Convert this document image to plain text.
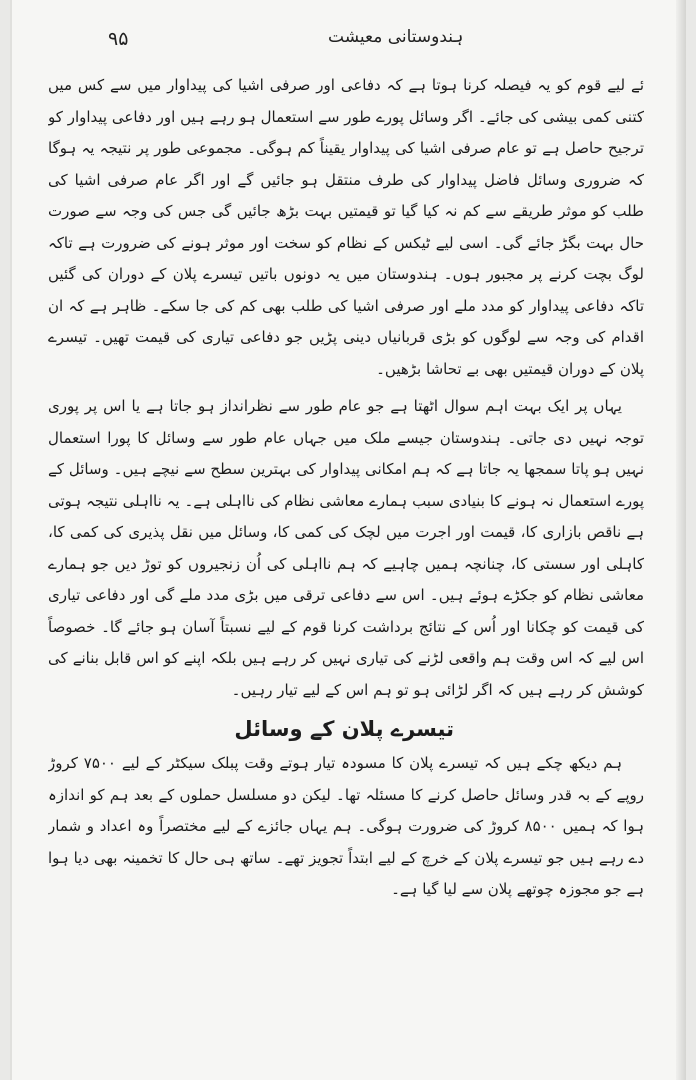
۹۵	ہندوستانی معیشت

ئے لیے قوم کو یہ فیصلہ کرنا ہوتا ہے کہ دفاعی اور صرفی اشیا کی پیداوار میں سے کس میں کتنی کمی بیشی کی جائے۔ اگر وسائل پورے طور سے استعمال ہو رہے ہیں اور دفاعی پیداوار کو ترجیح حاصل ہے تو عام صرفی اشیا کی پیداوار یقیناً کم ہوگی۔ مجموعی طور پر نتیجہ یہ ہوگا کہ ضروری وسائل فاضل پیداوار کی طرف منتقل ہو جائیں گے اور اگر عام صرفی اشیا کی طلب کو موثر طریقے سے کم نہ کیا گیا تو قیمتیں بہت بڑھ جائیں گی جس کی وجہ سے صورت حال بہت بگڑ جائے گی۔ اسی لیے ٹیکس کے نظام کو سخت اور موثر ہونے کی ضرورت ہے تاکہ لوگ بچت کرنے پر مجبور ہوں۔ ہندوستان میں یہ دونوں باتیں تیسرے پلان کے دوران کی گئیں تاکہ دفاعی پیداوار کو مدد ملے اور صرفی اشیا کی طلب بھی کم کی جا سکے۔ ظاہر ہے کہ ان اقدام کی وجہ سے لوگوں کو بڑی قربانیاں دینی پڑیں جو دفاعی تیاری کی قیمت تھیں۔ تیسرے پلان کے دوران قیمتیں بھی بے تحاشا بڑھیں۔

یہاں پر ایک بہت اہم سوال اٹھتا ہے جو عام طور سے نظرانداز ہو جاتا ہے یا اس پر پوری توجہ نہیں دی جاتی۔ ہندوستان جیسے ملک میں جہاں عام طور سے وسائل کا پورا استعمال نہیں ہو پاتا سمجھا یہ جاتا ہے کہ ہم امکانی پیداوار کی بہترین سطح سے نیچے ہیں۔ وسائل کے پورے استعمال نہ ہونے کا بنیادی سبب ہمارے معاشی نظام کی نااہلی ہے۔ یہ نااہلی نتیجہ ہوتی ہے ناقص بازاری کا، قیمت اور اجرت میں لچک کی کمی کا، وسائل میں نقل پذیری کی کمی کا، کاہلی اور سستی کا، چنانچہ ہمیں چاہیے کہ ہم نااہلی کی اُن زنجیروں کو توڑ دیں جو ہمارے معاشی نظام کو جکڑے ہوئے ہیں۔ اس سے دفاعی ترقی میں بڑی مدد ملے گی اور دفاعی تیاری کی قیمت کو چکانا اور اُس کے نتائج برداشت کرنا قوم کے لیے نسبتاً آسان ہو جائے گا۔ خصوصاً اس لیے کہ اس وقت ہم واقعی لڑنے کی تیاری نہیں کر رہے ہیں بلکہ اپنے کو اس قابل بنانے کی کوشش کر رہے ہیں کہ اگر لڑائی ہو تو ہم اس کے لیے تیار رہیں۔

تیسرے پلان کے وسائل

ہم دیکھ چکے ہیں کہ تیسرے پلان کا مسودہ تیار ہوتے وقت پبلک سیکٹر کے لیے ۷۵۰۰ کروڑ روپے کے بہ قدر وسائل حاصل کرنے کا مسئلہ تھا۔ لیکن دو مسلسل حملوں کے بعد ہم کو اندازہ ہوا کہ ہمیں ۸۵۰۰ کروڑ کی ضرورت ہوگی۔ ہم یہاں جائزے کے لیے مختصراً وہ اعداد و شمار دے رہے ہیں جو تیسرے پلان کے خرچ کے لیے ابتداً تجویز تھے۔ ساتھ ہی حال کا تخمینہ بھی دیا ہوا ہے جو مجوزہ چوتھے پلان سے لیا گیا ہے۔
